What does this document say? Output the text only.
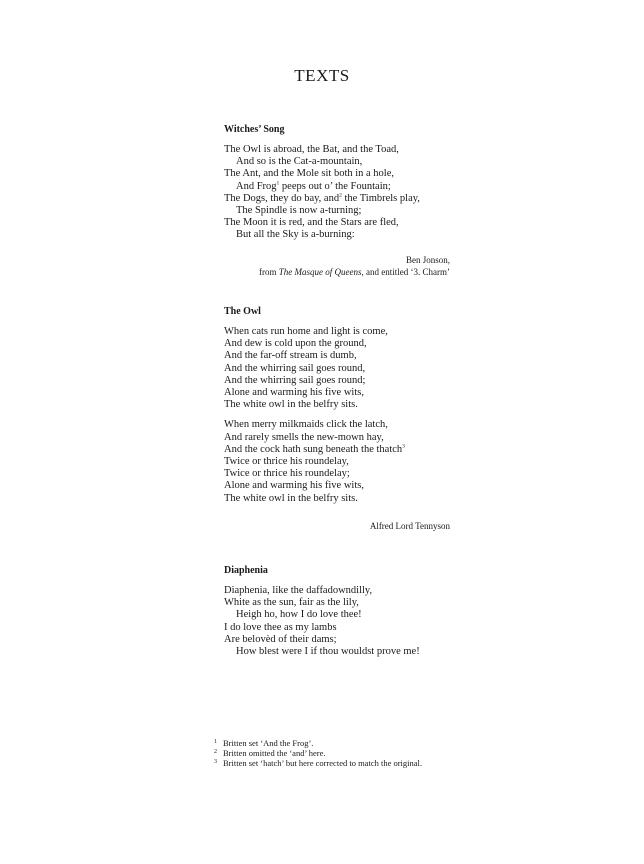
TEXTS
Witches’ Song
The Owl is abroad, the Bat, and the Toad,
And so is the Cat-a-mountain,
The Ant, and the Mole sit both in a hole,
And Frog$^1$ peeps out o’ the Fountain;
The Dogs, they do bay, and$^2$ the Timbrels play,
The Spindle is now a-turning;
The Moon it is red, and the Stars are fled,
But all the Sky is a-burning:
Ben Jonson,
from The Masque of Queens, and entitled ‘3. Charm’
The Owl
When cats run home and light is come,
And dew is cold upon the ground,
And the far-off stream is dumb,
And the whirring sail goes round,
And the whirring sail goes round;
Alone and warming his five wits,
The white owl in the belfry sits.
When merry milkmaids click the latch,
And rarely smells the new-mown hay,
And the cock hath sung beneath the thatch$^3$
Twice or thrice his roundelay,
Twice or thrice his roundelay;
Alone and warming his five wits,
The white owl in the belfry sits.
Alfred Lord Tennyson
Diaphenia
Diaphenia, like the daffadowndilly,
White as the sun, fair as the lily,
Heigh ho, how I do love thee!
I do love thee as my lambs
Are belovèd of their dams;
How blest were I if thou wouldst prove me!
1 Britten set ‘And the Frog’.
2 Britten omitted the ‘and’ here.
3 Britten set ‘hatch’ but here corrected to match the original.
